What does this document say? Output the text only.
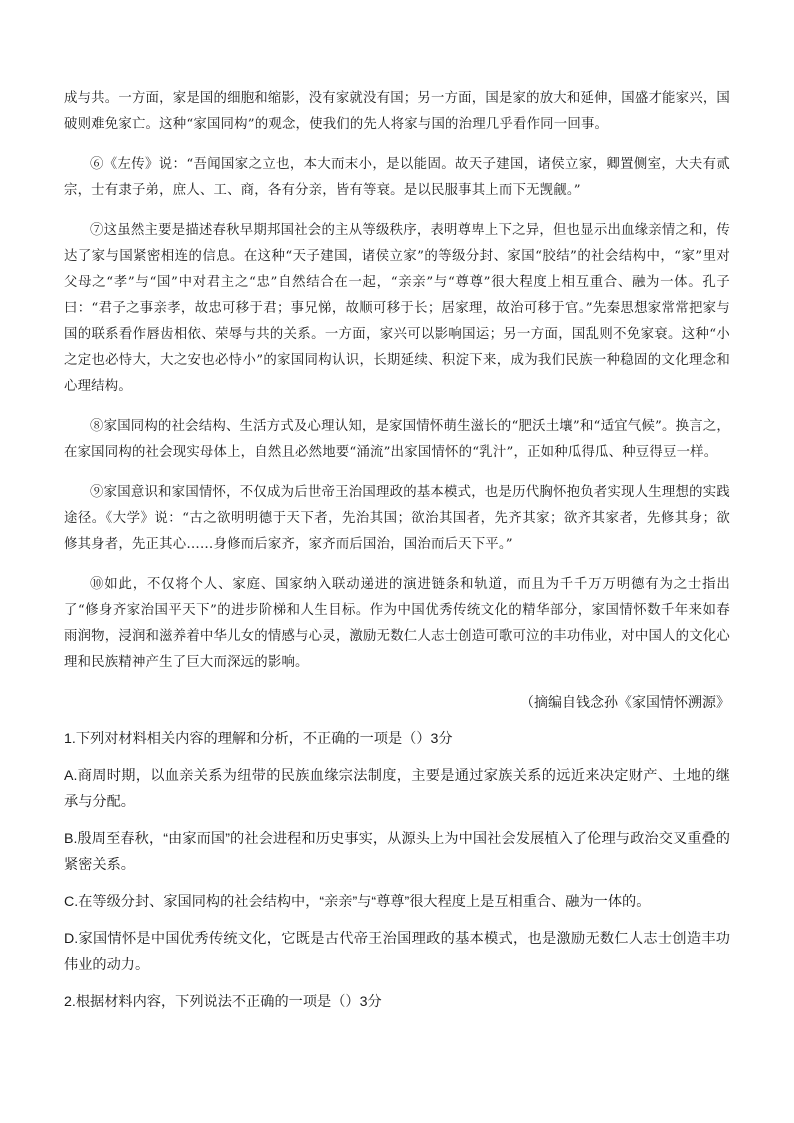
成与共。一方面，家是国的细胞和缩影，没有家就没有国；另一方面，国是家的放大和延伸，国盛才能家兴，国破则难免家亡。这种“家国同构”的观念，使我们的先人将家与国的治理几乎看作同一回事。

⑥《左传》说：“吾闻国家之立也，本大而末小，是以能固。故天子建国，诸侯立家，卿置侧室，大夫有贰宗，士有隶子弟，庶人、工、商，各有分亲，皆有等衰。是以民服事其上而下无觊觎。”

⑦这虽然主要是描述春秋早期邦国社会的主从等级秩序，表明尊卑上下之异，但也显示出血缘亲情之和，传达了家与国紧密相连的信息。在这种“天子建国，诸侯立家”的等级分封、家国“胶结”的社会结构中，“家”里对父母之“孝”与“国”中对君主之“忠”自然结合在一起，“亲亲”与“尊尊”很大程度上相互重合、融为一体。孔子曰：“君子之事亲孝，故忠可移于君；事兄悌，故顺可移于长；居家理，故治可移于官。”先秦思想家常常把家与国的联系看作唇齿相依、荣辱与共的关系。一方面，家兴可以影响国运；另一方面，国乱则不免家衰。这种“小之定也必恃大，大之安也必恃小”的家国同构认识，长期延续、积淀下来，成为我们民族一种稳固的文化理念和心理结构。

⑧家国同构的社会结构、生活方式及心理认知，是家国情怀萌生滋长的“肥沃土壤”和“适宜气候”。换言之，在家国同构的社会现实母体上，自然且必然地要“涌流”出家国情怀的“乳汁”，正如种瓜得瓜、种豆得豆一样。

⑨家国意识和家国情怀，不仅成为后世帝王治国理政的基本模式，也是历代胸怀抱负者实现人生理想的实践途径。《大学》说：“古之欲明明德于天下者，先治其国；欲治其国者，先齐其家；欲齐其家者，先修其身；欲修其身者，先正其心……身修而后家齐，家齐而后国治，国治而后天下平。”

⑩如此，不仅将个人、家庭、国家纳入联动递进的演进链条和轨道，而且为千千万万明德有为之士指出了“修身齐家治国平天下”的进步阶梯和人生目标。作为中国优秀传统文化的精华部分，家国情怀数千年来如春雨润物，浸润和滋养着中华儿女的情感与心灵，激励无数仁人志士创造可歌可泣的丰功伟业，对中国人的文化心理和民族精神产生了巨大而深远的影响。

（摘编自钱念孙《家国情怀溯源》

1.下列对材料相关内容的理解和分析，不正确的一项是（）3分

A.商周时期，以血亲关系为纽带的民族血缘宗法制度，主要是通过家族关系的远近来决定财产、土地的继承与分配。

B.殷周至春秋，“由家而国”的社会进程和历史事实，从源头上为中国社会发展植入了伦理与政治交叉重叠的紧密关系。

C.在等级分封、家国同构的社会结构中，“亲亲”与“尊尊”很大程度上是互相重合、融为一体的。

D.家国情怀是中国优秀传统文化，它既是古代帝王治国理政的基本模式，也是激励无数仁人志士创造丰功伟业的动力。

2.根据材料内容，下列说法不正确的一项是（）3分
